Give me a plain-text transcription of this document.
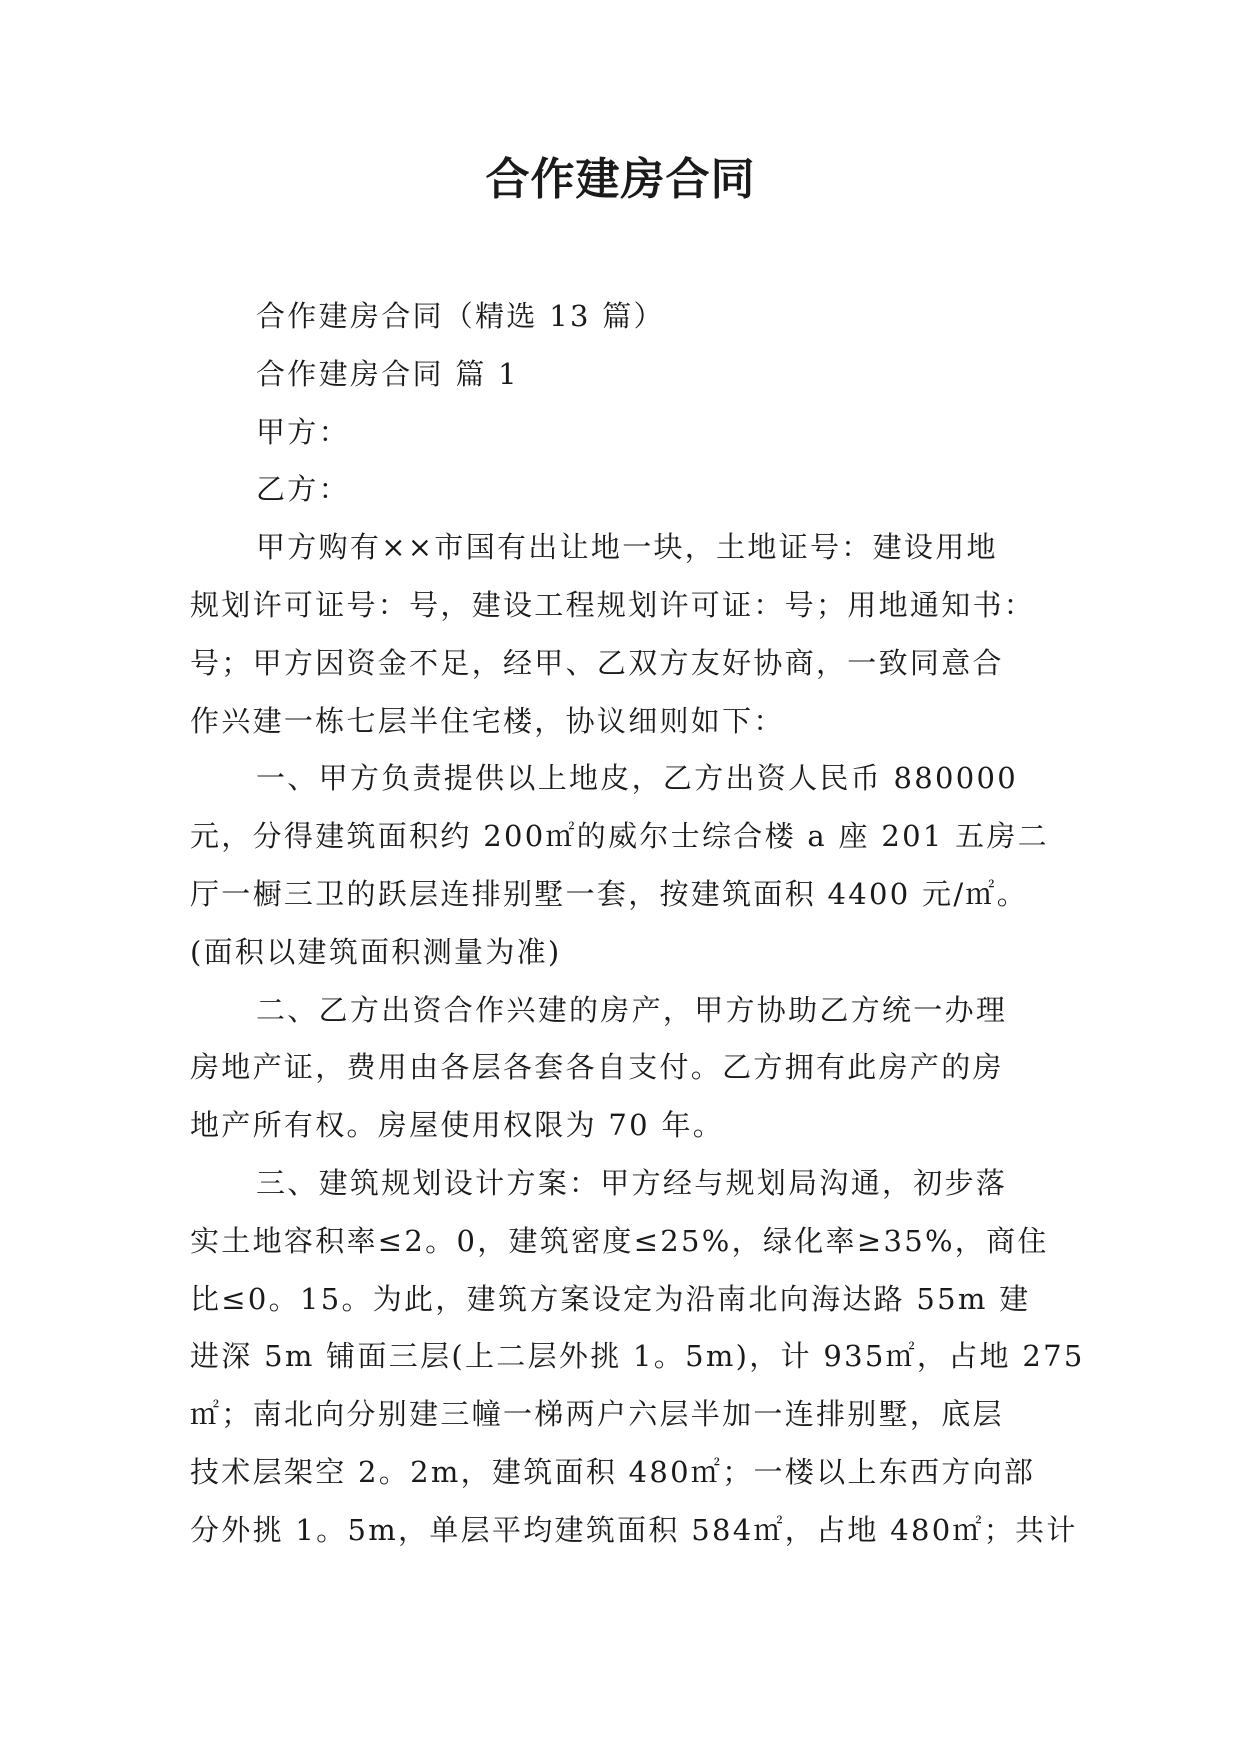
合作建房合同
合作建房合同（精选 13 篇）
合作建房合同 篇 1
甲方：
乙方：
甲方购有××市国有出让地一块，土地证号：建设用地
规划许可证号：号，建设工程规划许可证：号；用地通知书：
号；甲方因资金不足，经甲、乙双方友好协商，一致同意合
作兴建一栋七层半住宅楼，协议细则如下：
一、甲方负责提供以上地皮，乙方出资人民币 880000
元，分得建筑面积约 200㎡的威尔士综合楼 a 座 201 五房二
厅一橱三卫的跃层连排别墅一套，按建筑面积 4400 元/㎡。
(面积以建筑面积测量为准)
二、乙方出资合作兴建的房产，甲方协助乙方统一办理
房地产证，费用由各层各套各自支付。乙方拥有此房产的房
地产所有权。房屋使用权限为 70 年。
三、建筑规划设计方案：甲方经与规划局沟通，初步落
实土地容积率≤2。0，建筑密度≤25%，绿化率≥35%，商住
比≤0。15。为此，建筑方案设定为沿南北向海达路 55m 建
进深 5m 铺面三层(上二层外挑 1。5m)，计 935㎡，占地 275
㎡；南北向分别建三幢一梯两户六层半加一连排别墅，底层
技术层架空 2。2m，建筑面积 480㎡；一楼以上东西方向部
分外挑 1。5m，单层平均建筑面积 584㎡，占地 480㎡；共计
